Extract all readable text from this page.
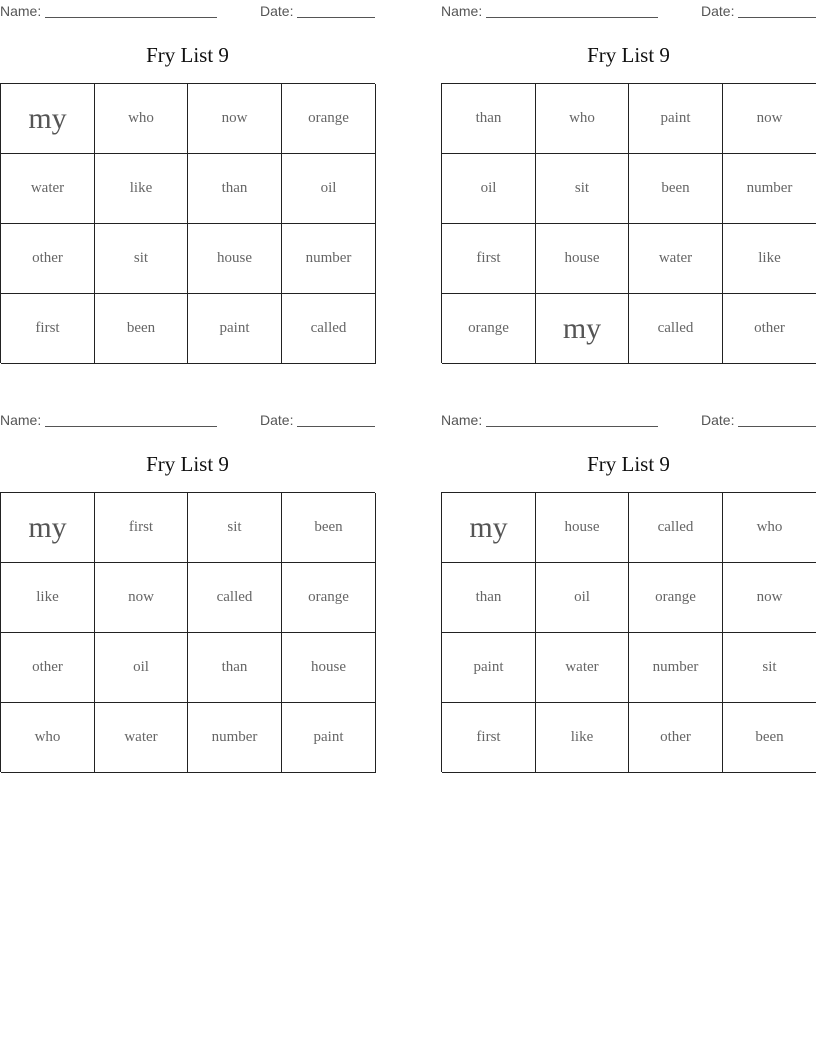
Name:	Date:
Fry List 9
my	who	now	orange
water	like	than	oil
other	sit	house	number
first	been	paint	called
Name:	Date:
Fry List 9
than	who	paint	now
oil	sit	been	number
first	house	water	like
orange	my	called	other
Name:	Date:
Fry List 9
my	first	sit	been
like	now	called	orange
other	oil	than	house
who	water	number	paint
Name:	Date:
Fry List 9
my	house	called	who
than	oil	orange	now
paint	water	number	sit
first	like	other	been
